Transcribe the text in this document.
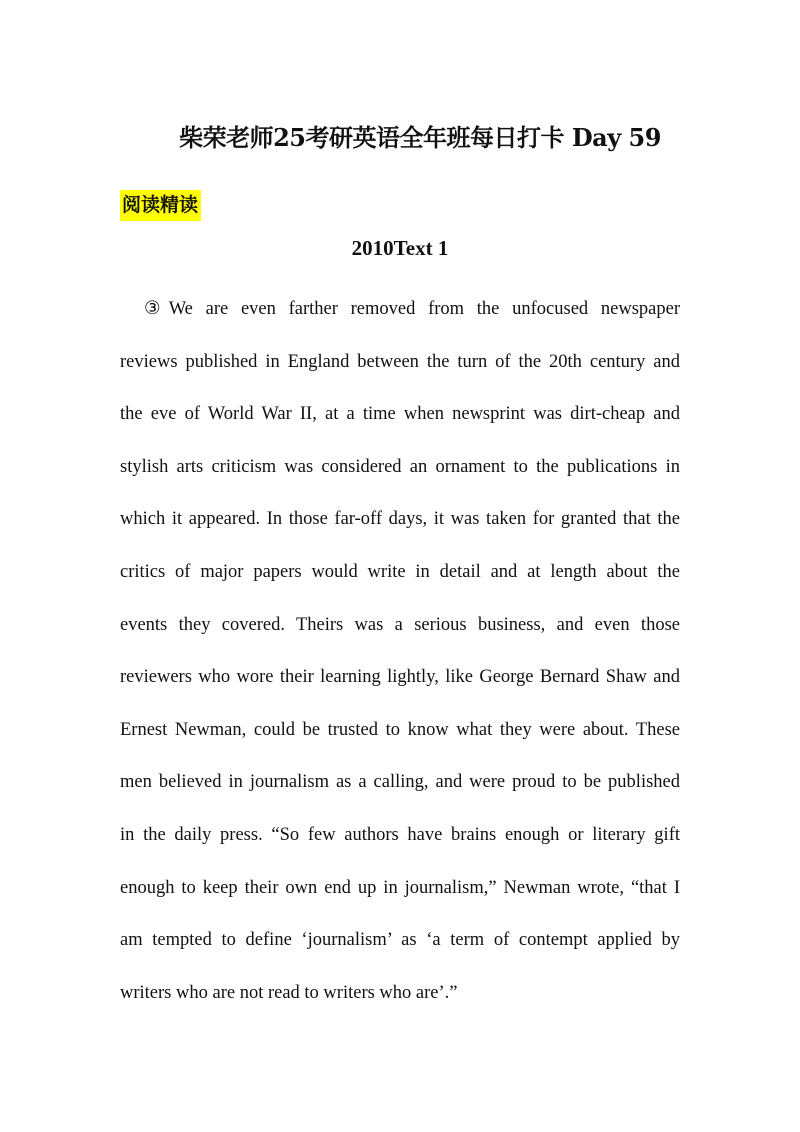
柴荣老师25考研英语全年班每日打卡 Day 59
阅读精读
2010Text 1
③We are even farther removed from the unfocused newspaper
reviews published in England between the turn of the 20th century and
the eve of World War II, at a time when newsprint was dirt-cheap and
stylish arts criticism was considered an ornament to the publications in
which it appeared. In those far-off days, it was taken for granted that the
critics of major papers would write in detail and at length about the
events they covered. Theirs was a serious business, and even those
reviewers who wore their learning lightly, like George Bernard Shaw and
Ernest Newman, could be trusted to know what they were about. These
men believed in journalism as a calling, and were proud to be published
in the daily press. “So few authors have brains enough or literary gift
enough to keep their own end up in journalism,” Newman wrote, “that I
am tempted to define ‘journalism’ as ‘a term of contempt applied by
writers who are not read to writers who are’.”
